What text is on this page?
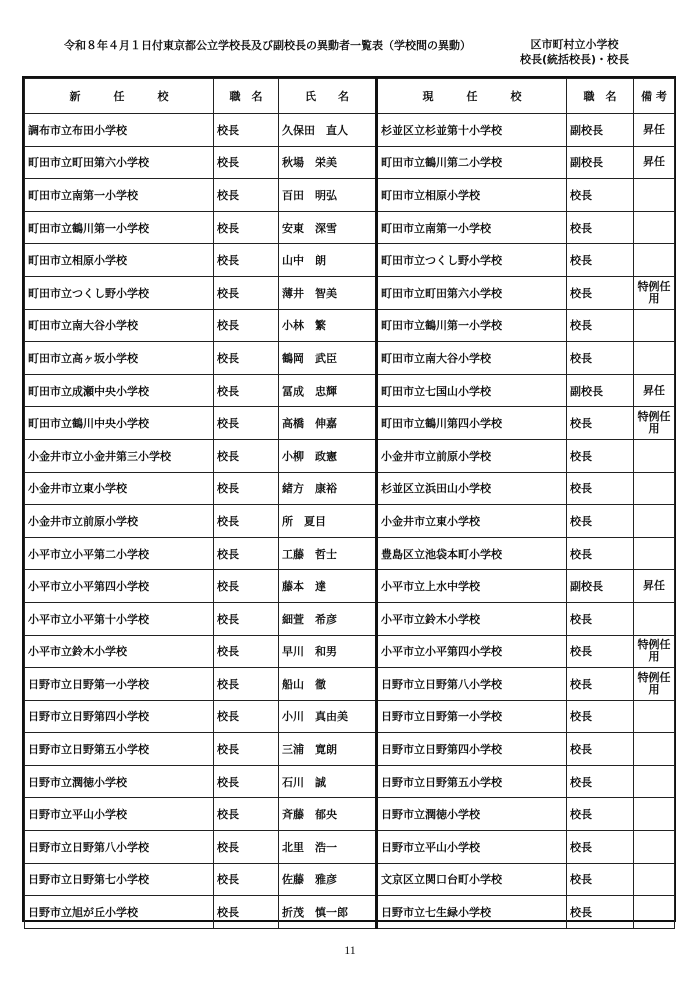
令和８年４月１日付東京都公立学校長及び副校長の異動者一覧表（学校間の異動）	区市町村立小学校
校長(統括校長)・校長
新　　　任　　　校	職　名	氏　　名	現　　　任　　　校	職　名	備 考
調布市立布田小学校	校長	久保田　直人	杉並区立杉並第十小学校	副校長	昇任
町田市立町田第六小学校	校長	秋場　栄美	町田市立鶴川第二小学校	副校長	昇任
町田市立南第一小学校	校長	百田　明弘	町田市立相原小学校	校長	
町田市立鶴川第一小学校	校長	安東　深雪	町田市立南第一小学校	校長	
町田市立相原小学校	校長	山中　朗	町田市立つくし野小学校	校長	
町田市立つくし野小学校	校長	薄井　智美	町田市立町田第六小学校	校長	特例任用
町田市立南大谷小学校	校長	小林　繁	町田市立鶴川第一小学校	校長	
町田市立高ヶ坂小学校	校長	鶴岡　武臣	町田市立南大谷小学校	校長	
町田市立成瀬中央小学校	校長	冨成　忠輝	町田市立七国山小学校	副校長	昇任
町田市立鶴川中央小学校	校長	高橋　伸嘉	町田市立鶴川第四小学校	校長	特例任用
小金井市立小金井第三小学校	校長	小柳　政憲	小金井市立前原小学校	校長	
小金井市立東小学校	校長	緒方　康裕	杉並区立浜田山小学校	校長	
小金井市立前原小学校	校長	所　夏目	小金井市立東小学校	校長	
小平市立小平第二小学校	校長	工藤　哲士	豊島区立池袋本町小学校	校長	
小平市立小平第四小学校	校長	藤本　達	小平市立上水中学校	副校長	昇任
小平市立小平第十小学校	校長	細萱　希彦	小平市立鈴木小学校	校長	
小平市立鈴木小学校	校長	早川　和男	小平市立小平第四小学校	校長	特例任用
日野市立日野第一小学校	校長	船山　徹	日野市立日野第八小学校	校長	特例任用
日野市立日野第四小学校	校長	小川　真由美	日野市立日野第一小学校	校長	
日野市立日野第五小学校	校長	三浦　寛朗	日野市立日野第四小学校	校長	
日野市立潤徳小学校	校長	石川　誠	日野市立日野第五小学校	校長	
日野市立平山小学校	校長	斉藤　郁央	日野市立潤徳小学校	校長	
日野市立日野第八小学校	校長	北里　浩一	日野市立平山小学校	校長	
日野市立日野第七小学校	校長	佐藤　雅彦	文京区立関口台町小学校	校長	
日野市立旭が丘小学校	校長	折茂　慎一郎	日野市立七生緑小学校	校長	
11
